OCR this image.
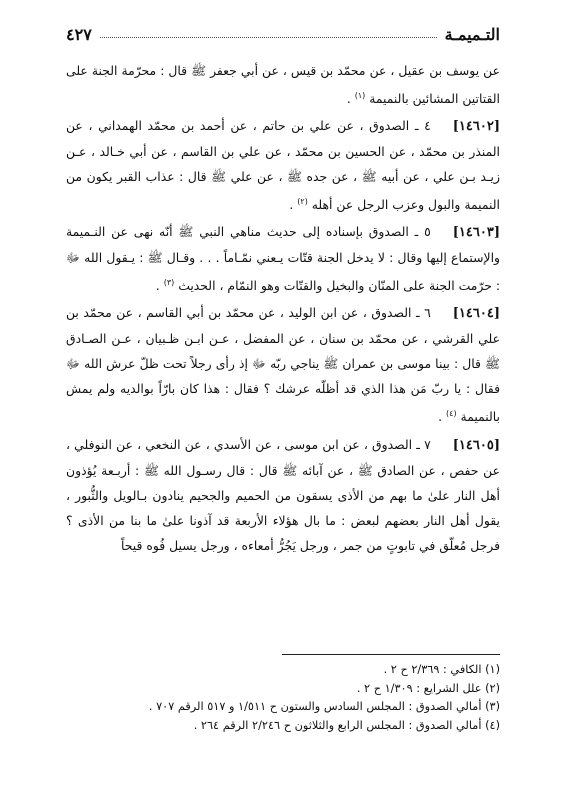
التـميمـة
٤٢٧

عن يوسف بن عقيل ، عن محمّد بن قيس ، عن أبي جعفر ﷺ قال : محرّمة الجنة على القتاتين المشائين بالنميمة $^{(١)}$ .

[١٤٦٠٢]٤ ـ الصدوق ، عن علي بن حاتم ، عن أحمد بن محمّد الهمداني ، عن المنذر بن محمّد ، عن الحسين بن محمّد ، عن علي بن القاسم ، عن أبي خـالد ، عـن زيـد بـن علي ، عن أبيه ﷺ ، عن جده ﷺ ، عن علي ﷺ قال : عذاب القبر يكون من النميمة والبول وعزب الرجل عن أهله $^{(٢)}$ .

[١٤٦٠٣]٥ ـ الصدوق بإسناده إلى حديث مناهي النبي ﷺ أنّه نهى عن النـميمة والإستماع إليها وقال : لا يدخل الجنة قتّات يـعني نمّـاماً . . . وقـال ﷺ : يـقول الله ﷻ : حرّمت الجنة على المنّان والبخيل والقتّات وهو النمّام ، الحديث $^{(٣)}$ .

[١٤٦٠٤]٦ ـ الصدوق ، عن ابن الوليد ، عن محمّد بن أبي القاسم ، عن محمّد بن علي القرشي ، عن محمّد بن سنان ، عن المفضل ، عـن ابـن ظـبيان ، عـن الصـادق ﷺ قال : بينا موسى بن عمران ﷺ يناجي ربّه ﷻ إذ رأى رجلاً تحت ظلّ عرش الله ﷻ فقال : يا ربّ مَن هذا الذي قد أظلّه عرشك ؟ فقال : هذا كان بارّاً بوالديه ولم يمش بالنميمة $^{(٤)}$ .

[١٤٦٠٥]٧ ـ الصدوق ، عن ابن موسى ، عن الأسدي ، عن النخعي ، عن النوفلي ، عن حفص ، عن الصادق ﷺ ، عن آبائه ﷺ قال : قال رسـول الله ﷺ : أربـعة يُؤذون أهل النار علىٰ ما بهم من الأذى يسقون من الحميم والجحيم ينادون بـالويل والثُّبور ، يقول أهل النار بعضهم لبعض : ما بال هؤلاء الأربعة قد آذونا علىٰ ما بنا من الأذى ؟ فرجل مُعلّق في تابوتٍ من جمر ، ورجل يَجُرُّ أمعاءه ، ورجل يسيل فُوه قيحاً

(١) الكافي : ٢/٣٦٩ ح ٢ .
(٢) علل الشرايع : ١/٣٠٩ ح ٢ .
(٣) أمالي الصدوق : المجلس السادس والستون ح ١/٥١١ و ٥١٧ الرقم ٧٠٧ .
(٤) أمالي الصدوق : المجلس الرابع والثلاثون ح ٢/٢٤٦ الرقم ٢٦٤ .
